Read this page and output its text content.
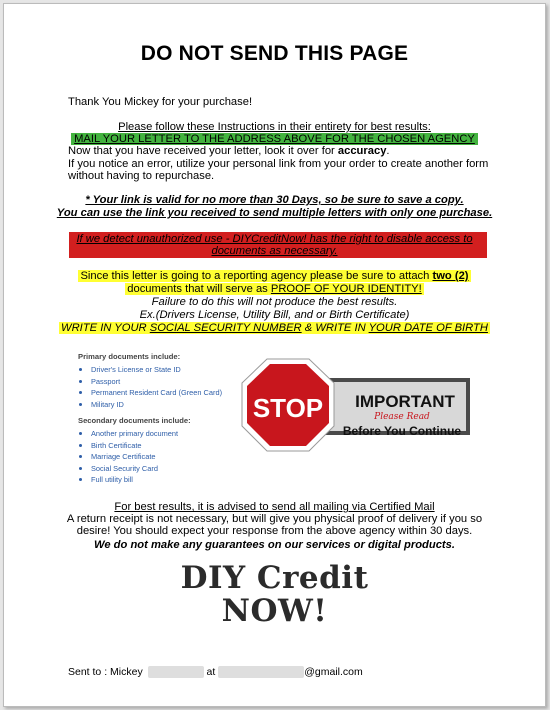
DO NOT SEND THIS PAGE
Thank You Mickey for your purchase!
Please follow these Instructions in their entirety for best results:
MAIL YOUR LETTER TO THE ADDRESS ABOVE FOR THE CHOSEN AGENCY
Now that you have received your letter, look it over for accuracy.
If you notice an error, utilize your personal link from your order to create another form
without having to repurchase.
* Your link is valid for no more than 30 Days, so be sure to save a copy.
You can use the link you received to send multiple letters with only one purchase.
If we detect unauthorized use - DIYCreditNow! has the right to disable access to
documents as necessary.
Since this letter is going to a reporting agency please be sure to attach two (2)
documents that will serve as PROOF OF YOUR IDENTITY!
Failure to do this will not produce the best results.
Ex.(Drivers License, Utility Bill, and or Birth Certificate)
WRITE IN YOUR SOCIAL SECURITY NUMBER & WRITE IN YOUR DATE OF BIRTH
Primary documents include:
Driver's License or State ID
Passport
Permanent Resident Card (Green Card)
Military ID
Secondary documents include:
Another primary document
Birth Certificate
Marriage Certificate
Social Security Card
Full utility bill
STOP IMPORTANT
Please Read
Before You Continue
For best results, it is advised to send all mailing via Certified Mail
A return receipt is not necessary, but will give you physical proof of delivery if you so
desire! You should expect your response from the above agency within 30 days.
We do not make any guarantees on our services or digital products.
DIY Credit
NOW!
Sent to : Mickey	at	@gmail.com
